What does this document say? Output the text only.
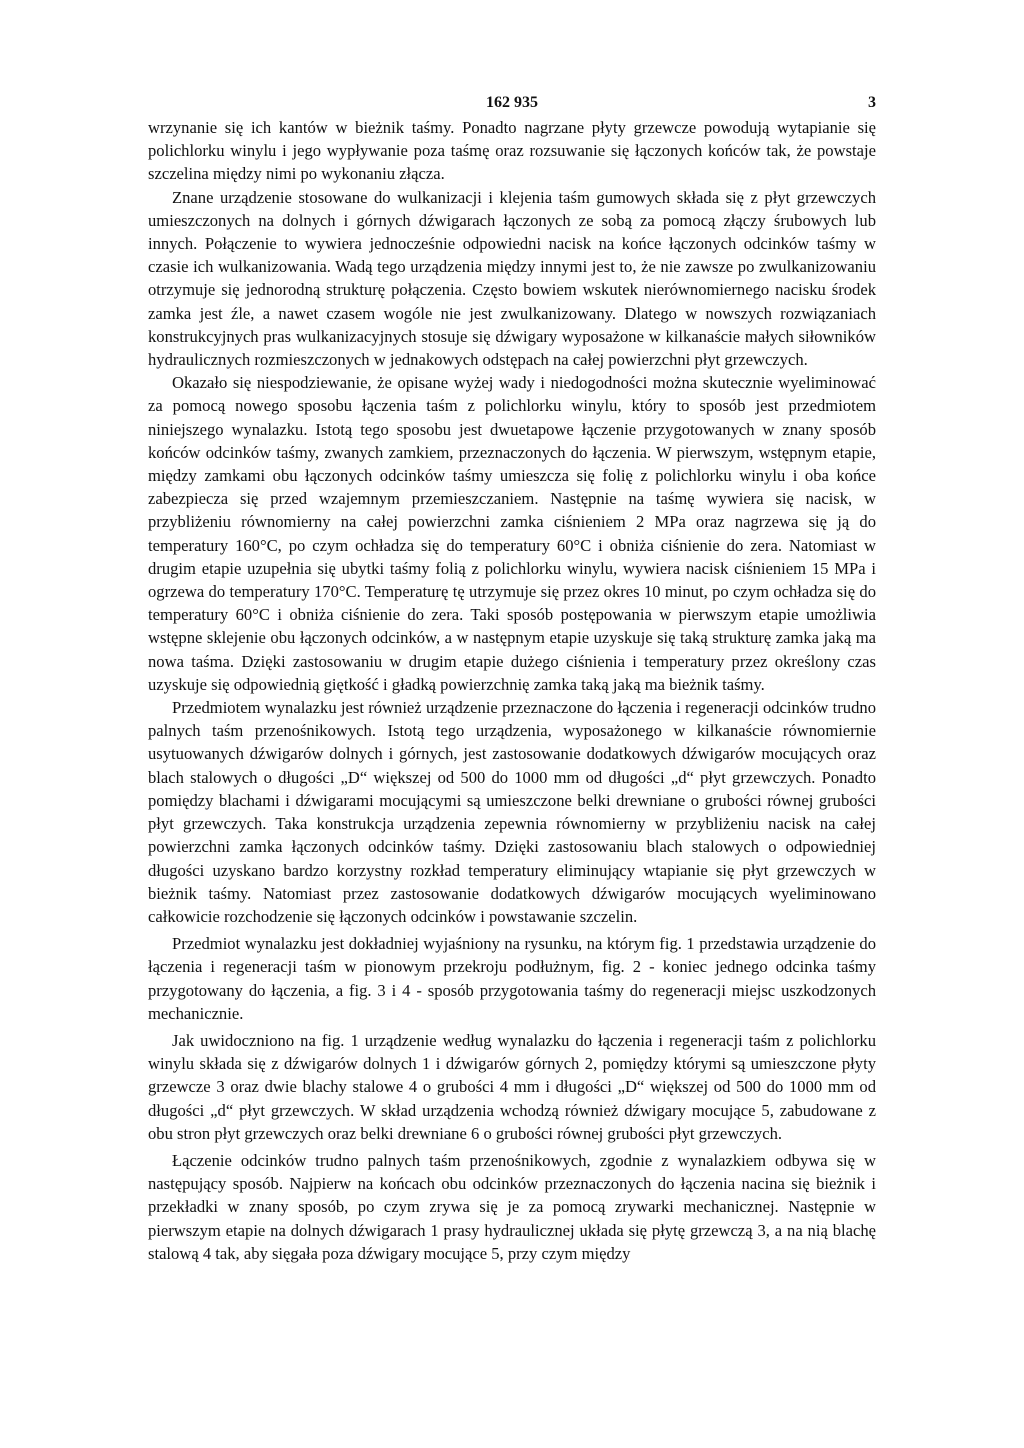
162 935	3

wrzynanie się ich kantów w bieżnik taśmy. Ponadto nagrzane płyty grzewcze powodują wytapianie się polichlorku winylu i jego wypływanie poza taśmę oraz rozsuwanie się łączonych końców tak, że powstaje szczelina między nimi po wykonaniu złącza.

Znane urządzenie stosowane do wulkanizacji i klejenia taśm gumowych składa się z płyt grzewczych umieszczonych na dolnych i górnych dźwigarach łączonych ze sobą za pomocą złączy śrubowych lub innych. Połączenie to wywiera jednocześnie odpowiedni nacisk na końce łączonych odcinków taśmy w czasie ich wulkanizowania. Wadą tego urządzenia między innymi jest to, że nie zawsze po zwulkanizowaniu otrzymuje się jednorodną strukturę połączenia. Często bowiem wskutek nierównomiernego nacisku środek zamka jest źle, a nawet czasem wogóle nie jest zwulkanizowany. Dlatego w nowszych rozwiązaniach konstrukcyjnych pras wulkanizacyjnych stosuje się dźwigary wyposażone w kilkanaście małych siłowników hydraulicznych rozmieszczonych w jednakowych odstępach na całej powierzchni płyt grzewczych.

Okazało się niespodziewanie, że opisane wyżej wady i niedogodności można skutecznie wyeliminować za pomocą nowego sposobu łączenia taśm z polichlorku winylu, który to sposób jest przedmiotem niniejszego wynalazku. Istotą tego sposobu jest dwuetapowe łączenie przygotowanych w znany sposób końców odcinków taśmy, zwanych zamkiem, przeznaczonych do łączenia. W pierwszym, wstępnym etapie, między zamkami obu łączonych odcinków taśmy umieszcza się folię z polichlorku winylu i oba końce zabezpiecza się przed wzajemnym przemieszczaniem. Następnie na taśmę wywiera się nacisk, w przybliżeniu równomierny na całej powierzchni zamka ciśnieniem 2 MPa oraz nagrzewa się ją do temperatury 160°C, po czym ochładza się do temperatury 60°C i obniża ciśnienie do zera. Natomiast w drugim etapie uzupełnia się ubytki taśmy folią z polichlorku winylu, wywiera nacisk ciśnieniem 15 MPa i ogrzewa do temperatury 170°C. Temperaturę tę utrzymuje się przez okres 10 minut, po czym ochładza się do temperatury 60°C i obniża ciśnienie do zera. Taki sposób postępowania w pierwszym etapie umożliwia wstępne sklejenie obu łączonych odcinków, a w następnym etapie uzyskuje się taką strukturę zamka jaką ma nowa taśma. Dzięki zastosowaniu w drugim etapie dużego ciśnienia i temperatury przez określony czas uzyskuje się odpowiednią giętkość i gładką powierzchnię zamka taką jaką ma bieżnik taśmy.

Przedmiotem wynalazku jest również urządzenie przeznaczone do łączenia i regeneracji odcinków trudno palnych taśm przenośnikowych. Istotą tego urządzenia, wyposażonego w kilkanaście równomiernie usytuowanych dźwigarów dolnych i górnych, jest zastosowanie dodatkowych dźwigarów mocujących oraz blach stalowych o długości „D“ większej od 500 do 1000 mm od długości „d“ płyt grzewczych. Ponadto pomiędzy blachami i dźwigarami mocującymi są umieszczone belki drewniane o grubości równej grubości płyt grzewczych. Taka konstrukcja urządzenia zepewnia równomierny w przybliżeniu nacisk na całej powierzchni zamka łączonych odcinków taśmy. Dzięki zastosowaniu blach stalowych o odpowiedniej długości uzyskano bardzo korzystny rozkład temperatury eliminujący wtapianie się płyt grzewczych w bieżnik taśmy. Natomiast przez zastosowanie dodatkowych dźwigarów mocujących wyeliminowano całkowicie rozchodzenie się łączonych odcinków i powstawanie szczelin.

Przedmiot wynalazku jest dokładniej wyjaśniony na rysunku, na którym fig. 1 przedstawia urządzenie do łączenia i regeneracji taśm w pionowym przekroju podłużnym, fig. 2 - koniec jednego odcinka taśmy przygotowany do łączenia, a fig. 3 i 4 - sposób przygotowania taśmy do regeneracji miejsc uszkodzonych mechanicznie.

Jak uwidoczniono na fig. 1 urządzenie według wynalazku do łączenia i regeneracji taśm z polichlorku winylu składa się z dźwigarów dolnych 1 i dźwigarów górnych 2, pomiędzy którymi są umieszczone płyty grzewcze 3 oraz dwie blachy stalowe 4 o grubości 4 mm i długości „D“ większej od 500 do 1000 mm od długości „d“ płyt grzewczych. W skład urządzenia wchodzą również dźwigary mocujące 5, zabudowane z obu stron płyt grzewczych oraz belki drewniane 6 o grubości równej grubości płyt grzewczych.

Łączenie odcinków trudno palnych taśm przenośnikowych, zgodnie z wynalazkiem odbywa się w następujący sposób. Najpierw na końcach obu odcinków przeznaczonych do łączenia nacina się bieżnik i przekładki w znany sposób, po czym zrywa się je za pomocą zrywarki mechanicznej. Następnie w pierwszym etapie na dolnych dźwigarach 1 prasy hydraulicznej układa się płytę grzewczą 3, a na nią blachę stalową 4 tak, aby sięgała poza dźwigary mocujące 5, przy czym między
